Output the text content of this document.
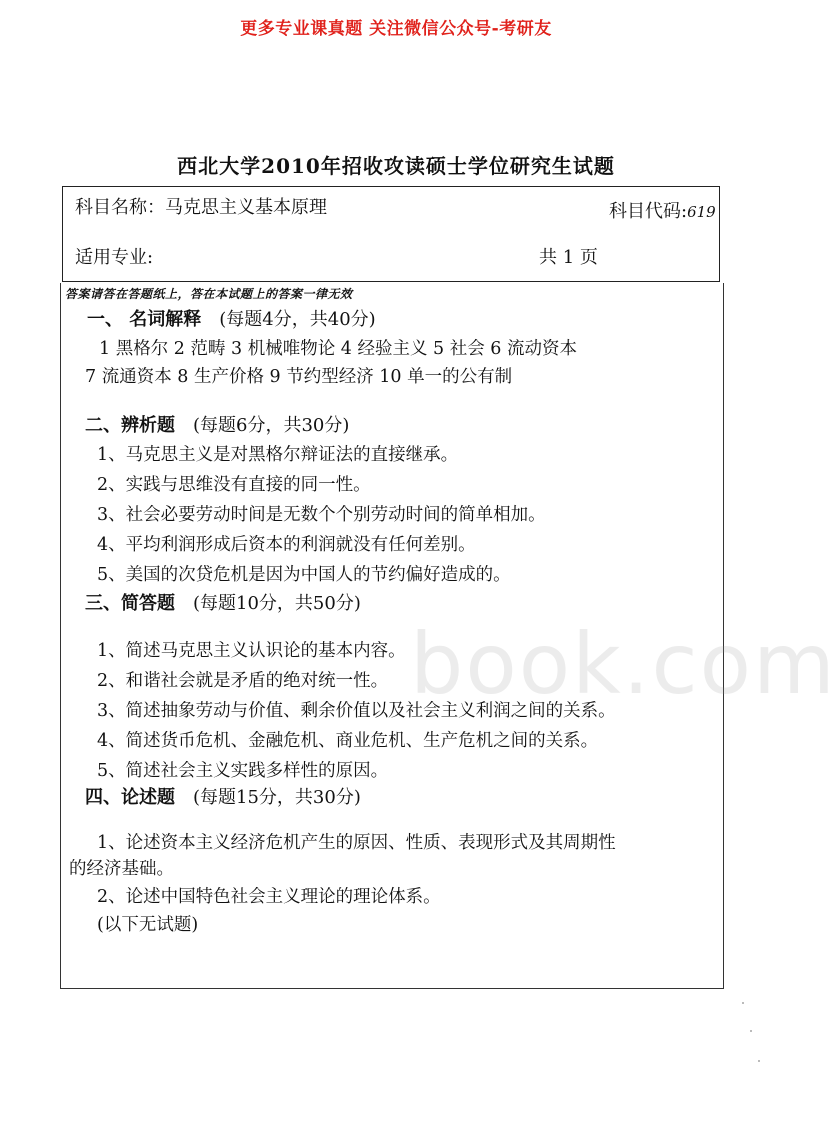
更多专业课真题 关注微信公众号-考研友
西北大学2010年招收攻读硕士学位研究生试题
科目名称：马克思主义基本原理	科目代码:619
适用专业:	共 1 页
答案请答在答题纸上，答在本试题上的答案一律无效
一、 名词解释 (每题4分，共40分)
1 黑格尔 2 范畴 3 机械唯物论 4 经验主义 5 社会 6 流动资本
7 流通资本 8 生产价格 9 节约型经济 10 单一的公有制
二、辨析题 (每题6分，共30分)
1、马克思主义是对黑格尔辩证法的直接继承。
2、实践与思维没有直接的同一性。
3、社会必要劳动时间是无数个个别劳动时间的简单相加。
4、平均利润形成后资本的利润就没有任何差别。
5、美国的次贷危机是因为中国人的节约偏好造成的。
三、简答题 (每题10分，共50分)
1、简述马克思主义认识论的基本内容。
2、和谐社会就是矛盾的绝对统一性。
3、简述抽象劳动与价值、剩余价值以及社会主义利润之间的关系。
4、简述货币危机、金融危机、商业危机、生产危机之间的关系。
5、简述社会主义实践多样性的原因。
四、论述题 (每题15分，共30分)
1、论述资本主义经济危机产生的原因、性质、表现形式及其周期性
的经济基础。
2、论述中国特色社会主义理论的理论体系。
(以下无试题)
book.com
